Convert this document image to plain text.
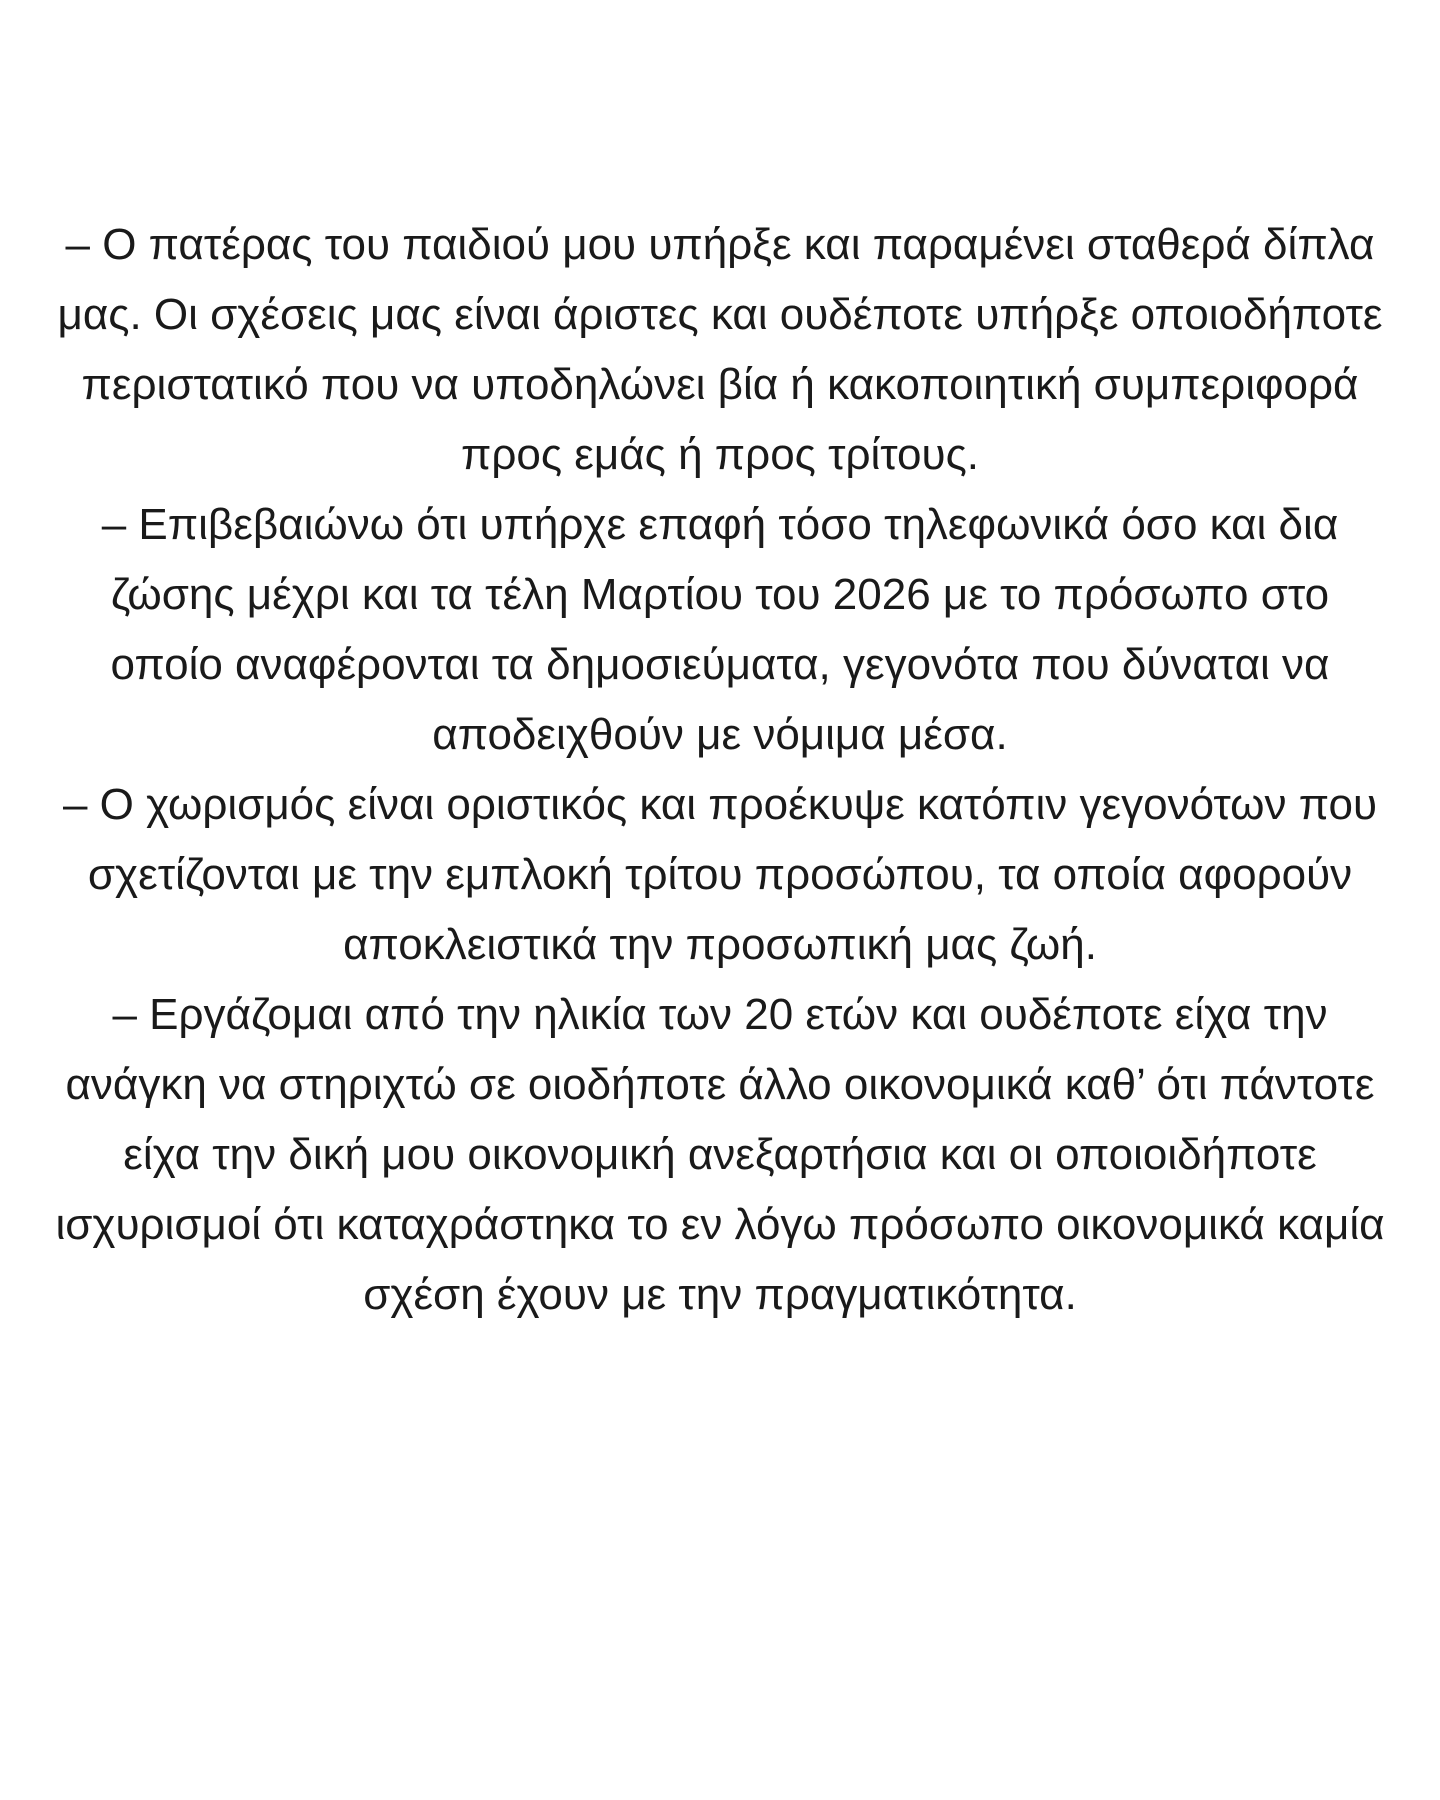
– Ο πατέρας του παιδιού μου υπήρξε και παραμένει σταθερά δίπλα μας. Οι σχέσεις μας είναι άριστες και ουδέποτε υπήρξε οποιοδήποτε περιστατικό που να υποδηλώνει βία ή κακοποιητική συμπεριφορά προς εμάς ή προς τρίτους.

– Επιβεβαιώνω ότι υπήρχε επαφή τόσο τηλεφωνικά όσο και δια ζώσης μέχρι και τα τέλη Μαρτίου του 2026 με το πρόσωπο στο οποίο αναφέρονται τα δημοσιεύματα, γεγονότα που δύναται να αποδειχθούν με νόμιμα μέσα.

– Ο χωρισμός είναι οριστικός και προέκυψε κατόπιν γεγονότων που σχετίζονται με την εμπλοκή τρίτου προσώπου, τα οποία αφορούν αποκλειστικά την προσωπική μας ζωή.

– Εργάζομαι από την ηλικία των 20 ετών και ουδέποτε είχα την ανάγκη να στηριχτώ σε οιοδήποτε άλλο οικονομικά καθ’ ότι πάντοτε είχα την δική μου οικονομική ανεξαρτήσια και οι οποιοιδήποτε ισχυρισμοί ότι καταχράστηκα το εν λόγω πρόσωπο οικονομικά καμία σχέση έχουν με την πραγματικότητα.
